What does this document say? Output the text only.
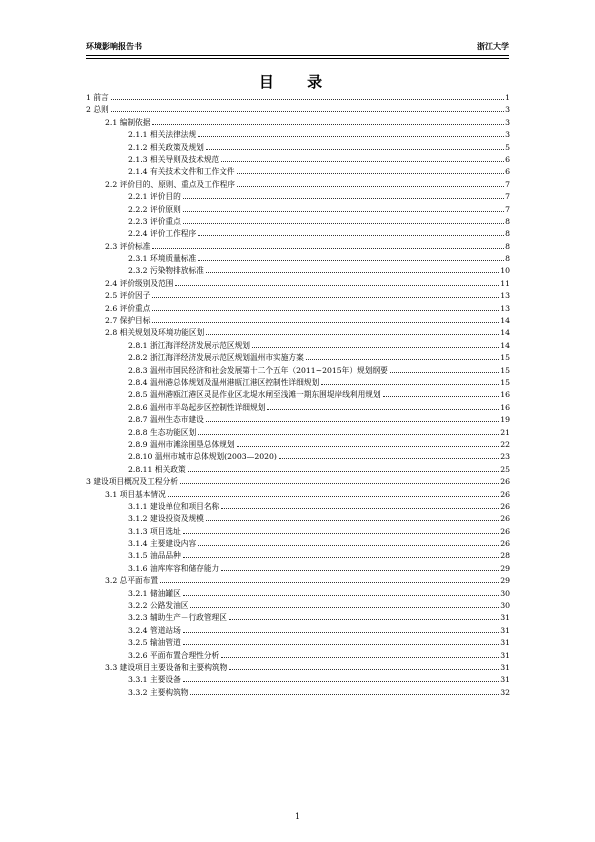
环境影响报告书	浙江大学
目 录
1 前言	1
2 总则	3
2.1 编制依据	3
2.1.1 相关法律法规	3
2.1.2 相关政策及规划	5
2.1.3 相关导则及技术规范	6
2.1.4 有关技术文件和工作文件	6
2.2 评价目的、原则、重点及工作程序	7
2.2.1 评价目的	7
2.2.2 评价原则	7
2.2.3 评价重点	8
2.2.4 评价工作程序	8
2.3 评价标准	8
2.3.1 环境质量标准	8
2.3.2 污染物排放标准	10
2.4 评价级别及范围	11
2.5 评价因子	13
2.6 评价重点	13
2.7 保护目标	14
2.8 相关规划及环境功能区划	14
2.8.1 浙江海洋经济发展示范区规划	14
2.8.2 浙江海洋经济发展示范区规划温州市实施方案	15
2.8.3 温州市国民经济和社会发展第十二个五年（2011~2015年）规划纲要	15
2.8.4 温州港总体规划及温州港瓯江港区控制性详细规划	15
2.8.5 温州港瓯江港区灵昆作业区北堤水闸至浅滩一期东围堤岸线利用规划	16
2.8.6 温州市半岛起步区控制性详细规划	16
2.8.7 温州生态市建设	19
2.8.8 生态功能区划	21
2.8.9 温州市滩涂围垦总体规划	22
2.8.10 温州市城市总体规划(2003—2020)	23
2.8.11 相关政策	25
3 建设项目概况及工程分析	26
3.1 项目基本情况	26
3.1.1 建设单位和项目名称	26
3.1.2 建设投资及规模	26
3.1.3 项目选址	26
3.1.4 主要建设内容	26
3.1.5 油品品种	28
3.1.6 油库库容和储存能力	29
3.2 总平面布置	29
3.2.1 储油罐区	30
3.2.2 公路发油区	30
3.2.3 辅助生产－行政管理区	31
3.2.4 管道站场	31
3.2.5 输油管道	31
3.2.6 平面布置合理性分析	31
3.3 建设项目主要设备和主要构筑物	31
3.3.1 主要设备	31
3.3.2 主要构筑物	32
1
